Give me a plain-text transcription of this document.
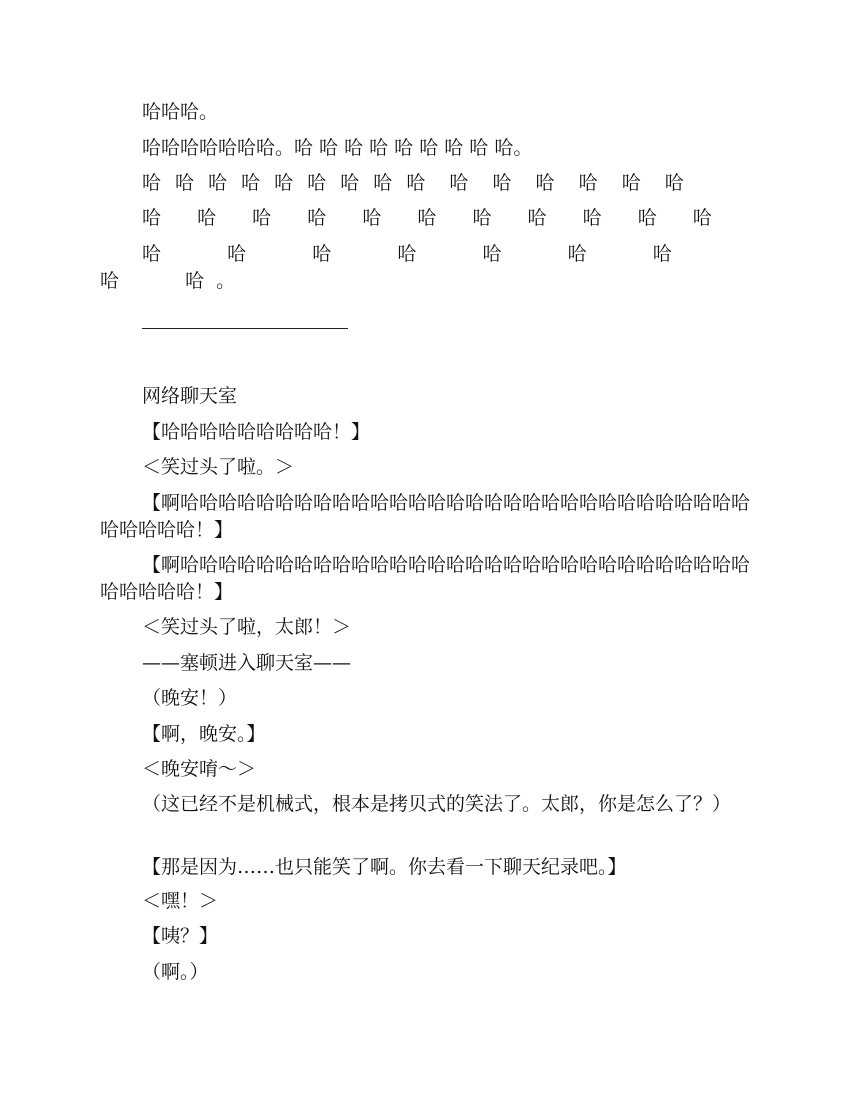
哈哈哈。
哈哈哈哈哈哈哈。哈 哈 哈 哈 哈 哈 哈 哈 哈。
哈 哈 哈 哈 哈 哈 哈 哈 哈  哈  哈  哈  哈  哈  哈
哈  哈  哈  哈  哈  哈  哈  哈  哈  哈  哈
哈   哈   哈   哈   哈   哈   哈   哈   哈。
网络聊天室
【哈哈哈哈哈哈哈哈哈！】
＜笑过头了啦。＞
【啊哈哈哈哈哈哈哈哈哈哈哈哈哈哈哈哈哈哈哈哈哈哈哈哈哈哈哈哈哈哈哈哈哈哈哈！】
【啊哈哈哈哈哈哈哈哈哈哈哈哈哈哈哈哈哈哈哈哈哈哈哈哈哈哈哈哈哈哈哈哈哈哈哈！】
＜笑过头了啦，太郎！＞
——塞顿进入聊天室——
（晚安！）
【啊，晚安。】
＜晚安唷～＞
（这已经不是机械式，根本是拷贝式的笑法了。太郎，你是怎么了？）
【那是因为……也只能笑了啊。你去看一下聊天纪录吧。】
＜嘿！＞
【咦？】
（啊。）
